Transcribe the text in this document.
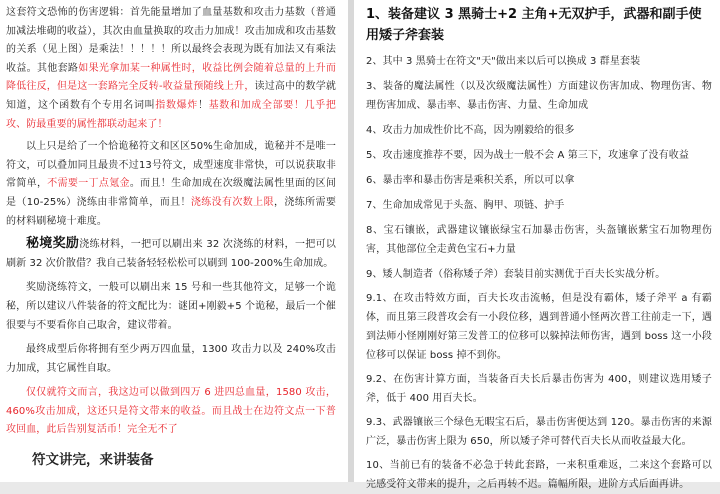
这套符文恐怖的伤害逻辑：首先能量增加了血量基数和攻击力基数（普通加减法堆砌的收益），其次由血量换取的攻击力加成！攻击加成和攻击基数的关系（见上图）是乘法！！！！！所以最终会表现为既有加法又有乘法收益。其他套路如果光拿加某一种属性时，收益比例会随着总量的上升而降低往反，但是这一套路完全反转-收益量预随线上升，读过高中的数学就知道，这个函数有个专用名词叫指数爆炸！基数和加成全部要！几乎把攻、防最重要的属性都联动起来了！

以上只是给了一个恰诡秘符文和区区50%生命加成，诡秘并不是唯一符文，可以叠加同且最贵不过13号符文，成型速度非常快，可以说获取非常简单，不需要一丁点氪金。而且！生命加成在次级魔法属性里面的区间是（10-25%）浇练由非常简单，而且！浇练没有次数上限，浇练所需要的材料刷秘境十难度。

秘境奖励浇练材料，一把可以刷出来 32 次浇练的材料，一把可以刷新 32 次价散借？我自己装备轻轻松松可以刷到 100-200%生命加成。

奖励浇练符文，一般可以刷出来 15 号和一些其他符文，足够一个诡秘，所以建议八件装备的符文配比为：谜团+刚毅+5 个诡秘，最后一个催很要与不要看你自己取舍，建议带着。

最终成型后你将拥有至少两万四血量，1300 攻击力以及 240%攻击力加成，其它属性自取。

仅仅就符文而言，我这边可以做到四万 6 进四总血量，1580 攻击，460%攻击加成，这还只是符文带来的收益。而且战士在边符文点一下普攻回血，此后告别复活币！完全无不了

符文讲完，来讲装备
1、装备建议 3 黑骑士+2 主角+无双护手，武器和副手使用矮子斧套装

2、其中 3 黑骑士在符文"天"做出来以后可以换成 3 群星套装

3、装备的魔法属性（以及次级魔法属性）方面建议伤害加成、物理伤害、物理伤害加成、暴击率、暴击伤害、力量、生命加成

4、攻击力加成性价比不高，因为刚毅给的很多

5、攻击速度推荐不要，因为战士一般不会 A 第三下，攻速拿了没有收益

6、暴击率和暴击伤害是乘积关系，所以可以拿

7、生命加成常见于头盔、胸甲、项链、护手

8、宝石镶嵌，武器建议镶嵌绿宝石加暴击伤害，头盔镶嵌紫宝石加物理伤害，其他部位全走黄色宝石+力量

9、矮人制造者（俗称矮子斧）套装目前实测优于百夫长实战分析。

9.1、在攻击特效方面，百夫长攻击流畅，但是没有霸体，矮子斧平 a 有霸体，而且第三段普攻会有一小段位移，遇到普通小怪两次普工往前走一下，遇到法师小怪刚刚好第三发普工的位移可以躲掉法师伤害，遇到 boss 这一小段位移可以保证 boss 掉不到你。

9.2、在伤害计算方面，当装备百夫长后暴击伤害为 400，则建议选用矮子斧，低于 400 用百夫长。

9.3、武器镶嵌三个绿色无暇宝石后，暴击伤害便达到 120。暴击伤害的来源广泛，暴击伤害上限为 650，所以矮子斧可替代百夫长从而收益最大化。

10、当前已有的装备不必急于转此套路，一来积重难返，二来这个套路可以完感受符文带来的提升，之后再转不迟。篇幅所限，进阶方式后面再讲。
